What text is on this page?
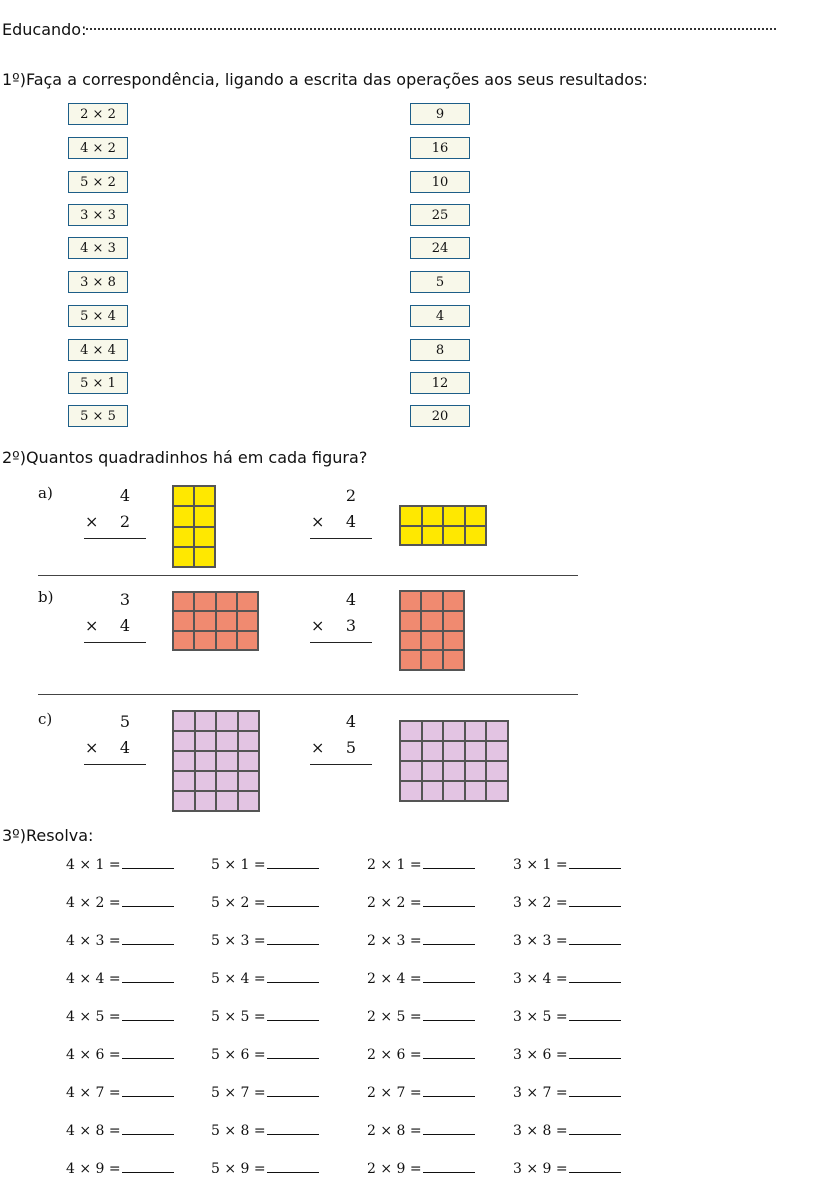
Educando:
1º)Faça a correspondência, ligando a escrita das operações aos seus resultados:
2 × 2
4 × 2
5 × 2
3 × 3
4 × 3
3 × 8
5 × 4
4 × 4
5 × 1
5 × 5
9
16
10
25
24
5
4
8
12
20
2º)Quantos quadradinhos há em cada figura?
a)	4
×	2
2
×	4
b)	3
×	4
4
×	3
c)	5
×	4
4
×	5
3º)Resolva:
4 × 1 =
4 × 2 =
4 × 3 =
4 × 4 =
4 × 5 =
4 × 6 =
4 × 7 =
4 × 8 =
4 × 9 =
5 × 1 =
5 × 2 =
5 × 3 =
5 × 4 =
5 × 5 =
5 × 6 =
5 × 7 =
5 × 8 =
5 × 9 =
2 × 1 =
2 × 2 =
2 × 3 =
2 × 4 =
2 × 5 =
2 × 6 =
2 × 7 =
2 × 8 =
2 × 9 =
3 × 1 =
3 × 2 =
3 × 3 =
3 × 4 =
3 × 5 =
3 × 6 =
3 × 7 =
3 × 8 =
3 × 9 =
